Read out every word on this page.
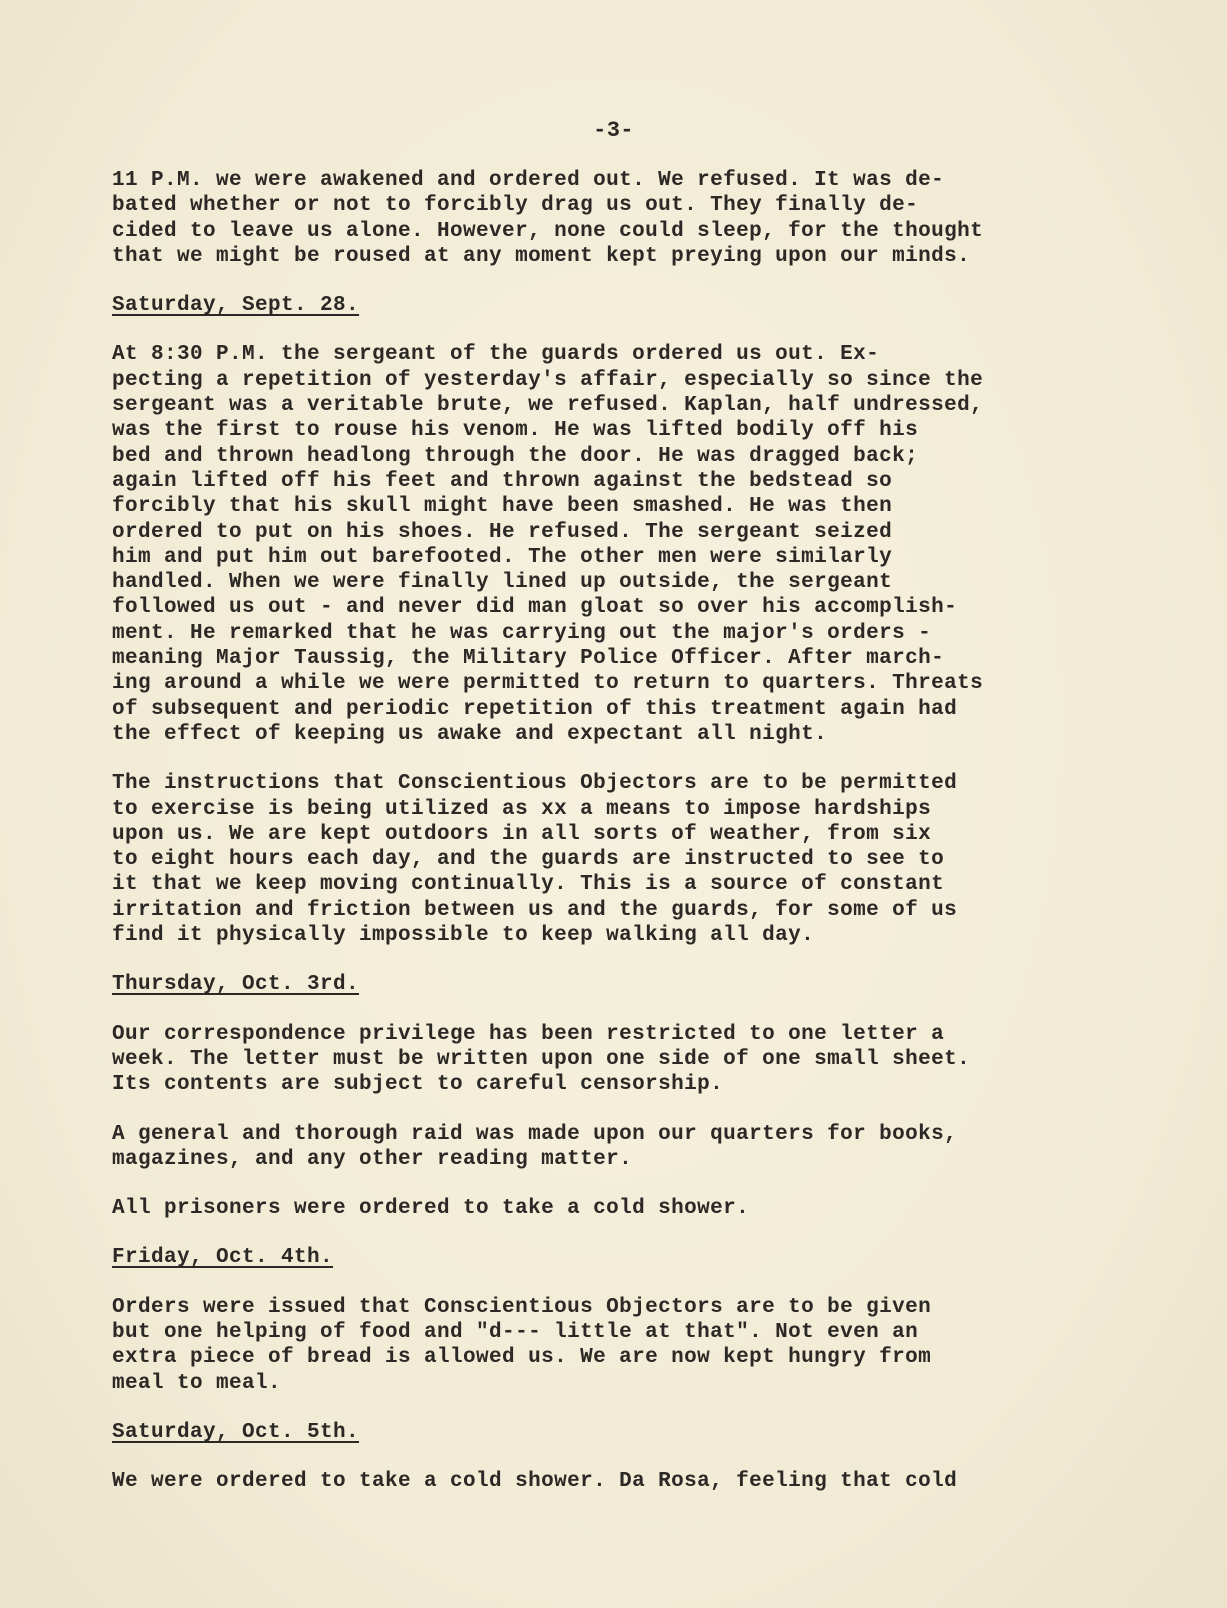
-3-

11 P.M. we were awakened and ordered out. We refused. It was de-
bated whether or not to forcibly drag us out. They finally de-
cided to leave us alone. However, none could sleep, for the thought
that we might be roused at any moment kept preying upon our minds.

Saturday, Sept. 28.

At 8:30 P.M. the sergeant of the guards ordered us out. Ex-
pecting a repetition of yesterday's affair, especially so since the
sergeant was a veritable brute, we refused. Kaplan, half undressed,
was the first to rouse his venom. He was lifted bodily off his
bed and thrown headlong through the door. He was dragged back;
again lifted off his feet and thrown against the bedstead so
forcibly that his skull might have been smashed. He was then
ordered to put on his shoes. He refused. The sergeant seized
him and put him out barefooted. The other men were similarly
handled. When we were finally lined up outside, the sergeant
followed us out - and never did man gloat so over his accomplish-
ment. He remarked that he was carrying out the major's orders -
meaning Major Taussig, the Military Police Officer. After march-
ing around a while we were permitted to return to quarters. Threats
of subsequent and periodic repetition of this treatment again had
the effect of keeping us awake and expectant all night.

The instructions that Conscientious Objectors are to be permitted
to exercise is being utilized as xx a means to impose hardships
upon us. We are kept outdoors in all sorts of weather, from six
to eight hours each day, and the guards are instructed to see to
it that we keep moving continually. This is a source of constant
irritation and friction between us and the guards, for some of us
find it physically impossible to keep walking all day.

Thursday, Oct. 3rd.

Our correspondence privilege has been restricted to one letter a
week. The letter must be written upon one side of one small sheet.
Its contents are subject to careful censorship.

A general and thorough raid was made upon our quarters for books,
magazines, and any other reading matter.

All prisoners were ordered to take a cold shower.

Friday, Oct. 4th.

Orders were issued that Conscientious Objectors are to be given
but one helping of food and "d--- little at that". Not even an
extra piece of bread is allowed us. We are now kept hungry from
meal to meal.

Saturday, Oct. 5th.

We were ordered to take a cold shower. Da Rosa, feeling that cold
